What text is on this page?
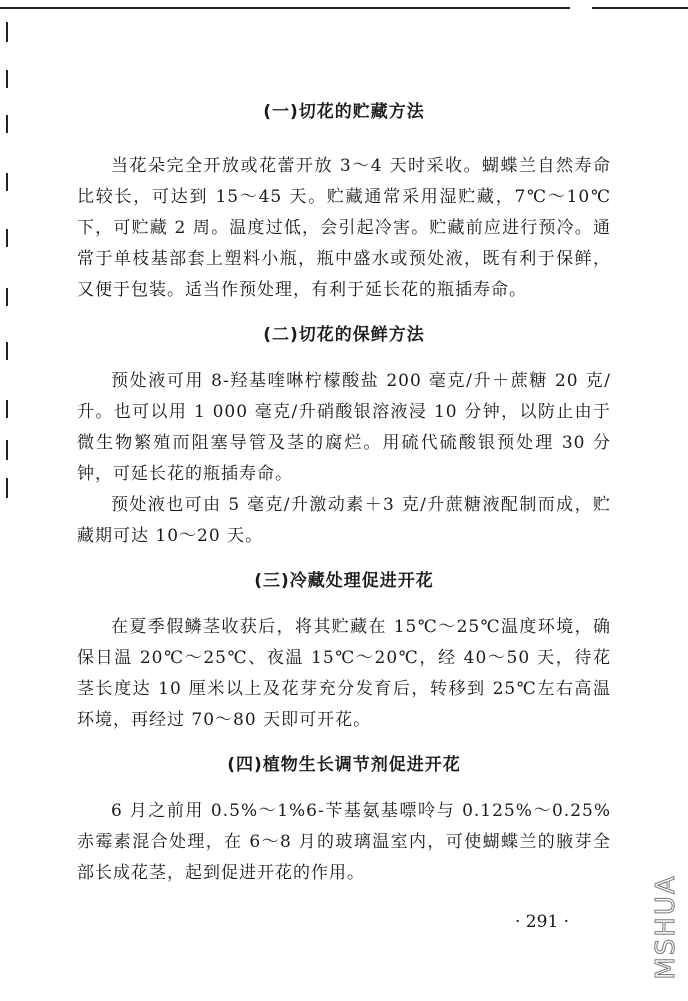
(一)切花的贮藏方法

当花朵完全开放或花蕾开放 3～4 天时采收。蝴蝶兰自然寿命比较长，可达到 15～45 天。贮藏通常采用湿贮藏，7℃～10℃下，可贮藏 2 周。温度过低，会引起冷害。贮藏前应进行预冷。通常于单枝基部套上塑料小瓶，瓶中盛水或预处液，既有利于保鲜，又便于包装。适当作预处理，有利于延长花的瓶插寿命。

(二)切花的保鲜方法

预处液可用 8-羟基喹啉柠檬酸盐 200 毫克/升＋蔗糖 20 克/升。也可以用 1 000 毫克/升硝酸银溶液浸 10 分钟，以防止由于微生物繁殖而阻塞导管及茎的腐烂。用硫代硫酸银预处理 30 分钟，可延长花的瓶插寿命。

预处液也可由 5 毫克/升激动素＋3 克/升蔗糖液配制而成，贮藏期可达 10～20 天。

(三)冷藏处理促进开花

在夏季假鳞茎收获后，将其贮藏在 15℃～25℃温度环境，确保日温 20℃～25℃、夜温 15℃～20℃，经 40～50 天，待花茎长度达 10 厘米以上及花芽充分发育后，转移到 25℃左右高温环境，再经过 70～80 天即可开花。

(四)植物生长调节剂促进开花

6 月之前用 0.5%～1%6-苄基氨基嘌呤与 0.125%～0.25%赤霉素混合处理，在 6～8 月的玻璃温室内，可使蝴蝶兰的腋芽全部长成花茎，起到促进开花的作用。

· 291 ·	MSHUA
